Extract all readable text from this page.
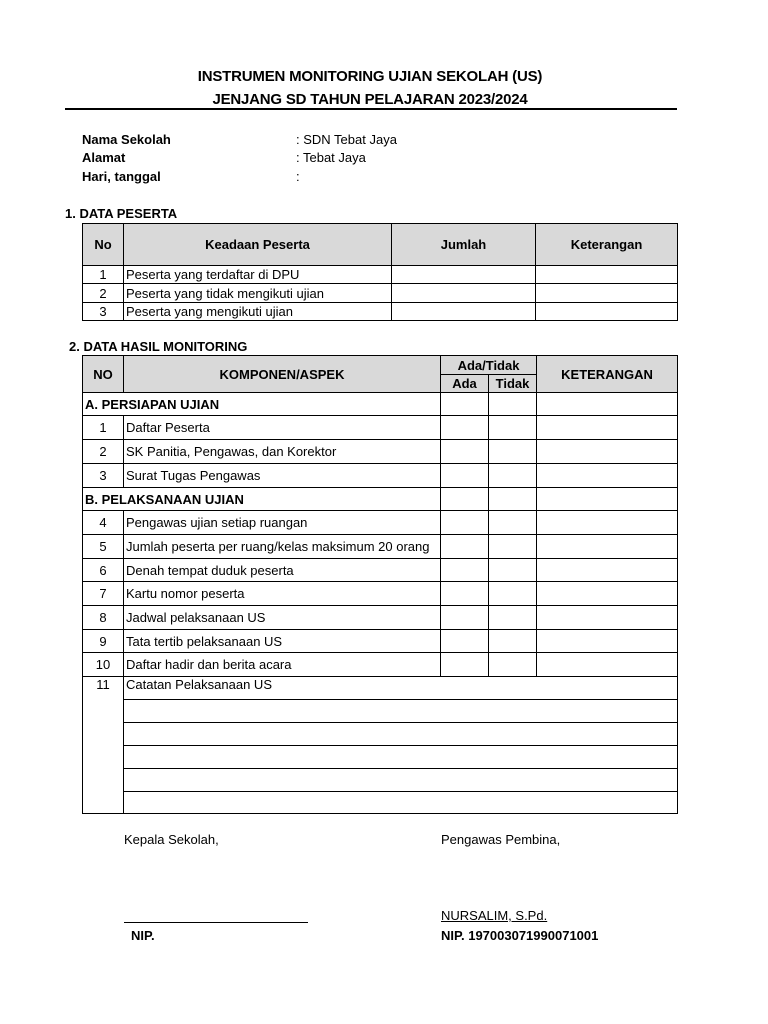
INSTRUMEN MONITORING UJIAN SEKOLAH (US)
JENJANG SD TAHUN PELAJARAN 2023/2024
Nama Sekolah	: SDN Tebat Jaya
Alamat	: Tebat Jaya
Hari, tanggal	:
1. DATA PESERTA
No	Keadaan Peserta	Jumlah	Keterangan
1	Peserta yang terdaftar di DPU		
2	Peserta yang tidak mengikuti ujian		
3	Peserta yang mengikuti ujian		
2. DATA HASIL MONITORING
NO	KOMPONEN/ASPEK	Ada/Tidak		KETERANGAN
		Ada	Tidak	
A. PERSIAPAN UJIAN				
1	Daftar Peserta			
2	SK Panitia, Pengawas, dan Korektor			
3	Surat Tugas Pengawas			
B. PELAKSANAAN UJIAN				
4	Pengawas ujian setiap ruangan			
5	Jumlah peserta per ruang/kelas maksimum 20 orang			
6	Denah tempat duduk peserta			
7	Kartu nomor peserta			
8	Jadwal pelaksanaan US			
9	Tata tertib pelaksanaan US			
10	Daftar hadir dan berita acara			
11	Catatan Pelaksanaan US			

Kepala Sekolah,	Pengawas Pembina,
NURSALIM, S.Pd.
NIP.	NIP. 197003071990071001
